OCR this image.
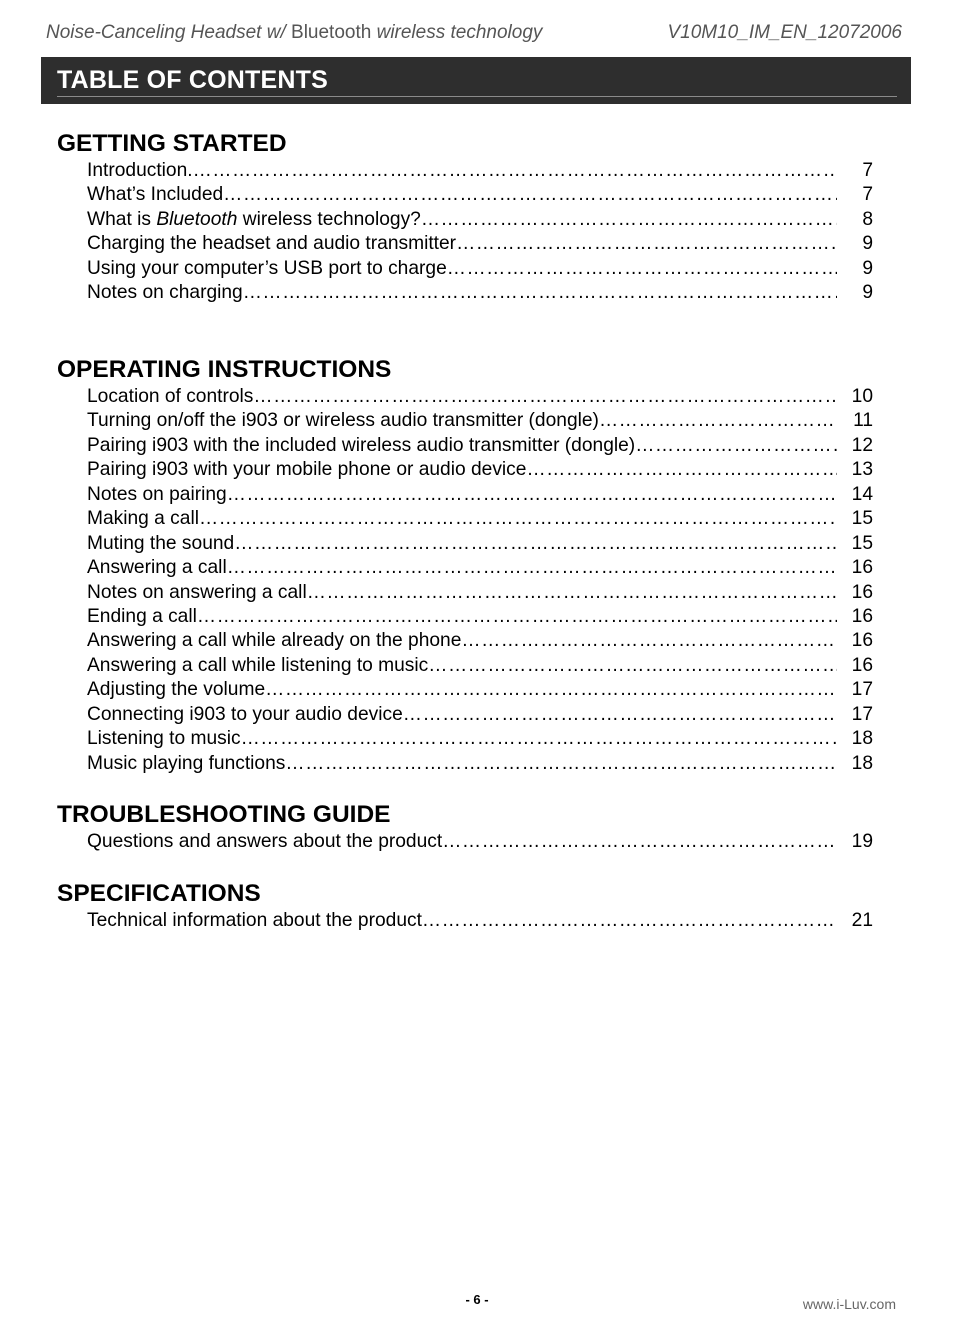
Noise-Canceling Headset w/ Bluetooth wireless technology	V10M10_IM_EN_12072006
TABLE OF CONTENTS
GETTING STARTED
Introduction. ……………………………………………………………………………………………………………………………………………………………………………………	7
What’s Included ……………………………………………………………………………………………………………………………………………………………………………………	7
What is Bluetooth wireless technology? ……………………………………………………………………………………………………………………………………………………………………………………	8
Charging the headset and audio transmitter ……………………………………………………………………………………………………………………………………………………………………………………	9
Using your computer’s USB port to charge ……………………………………………………………………………………………………………………………………………………………………………………	9
Notes on charging ……………………………………………………………………………………………………………………………………………………………………………………	9
OPERATING INSTRUCTIONS
Location of controls ……………………………………………………………………………………………………………………………………………………………………………………	10
Turning on/off the i903 or wireless audio transmitter (dongle) ……………………………………………………………………………………………………………………………………………………………………………………	11
Pairing i903 with the included wireless audio transmitter (dongle) ……………………………………………………………………………………………………………………………………………………………………………………	12
Pairing i903 with your mobile phone or audio device ……………………………………………………………………………………………………………………………………………………………………………………	13
Notes on pairing ……………………………………………………………………………………………………………………………………………………………………………………	14
Making a call ……………………………………………………………………………………………………………………………………………………………………………………	15
Muting the sound ……………………………………………………………………………………………………………………………………………………………………………………	15
Answering a call ……………………………………………………………………………………………………………………………………………………………………………………	16
Notes on answering a call ……………………………………………………………………………………………………………………………………………………………………………………	16
Ending a call ……………………………………………………………………………………………………………………………………………………………………………………	16
Answering a call while already on the phone ……………………………………………………………………………………………………………………………………………………………………………………	16
Answering a call while listening to music ……………………………………………………………………………………………………………………………………………………………………………………	16
Adjusting the volume ……………………………………………………………………………………………………………………………………………………………………………………	17
Connecting i903 to your audio device ……………………………………………………………………………………………………………………………………………………………………………………	17
Listening to music ……………………………………………………………………………………………………………………………………………………………………………………	18
Music playing functions ……………………………………………………………………………………………………………………………………………………………………………………	18
TROUBLESHOOTING GUIDE
Questions and answers about the product ……………………………………………………………………………………………………………………………………………………………………………………	19
SPECIFICATIONS
Technical information about the product ……………………………………………………………………………………………………………………………………………………………………………………	21
- 6 -	www.i-Luv.com
